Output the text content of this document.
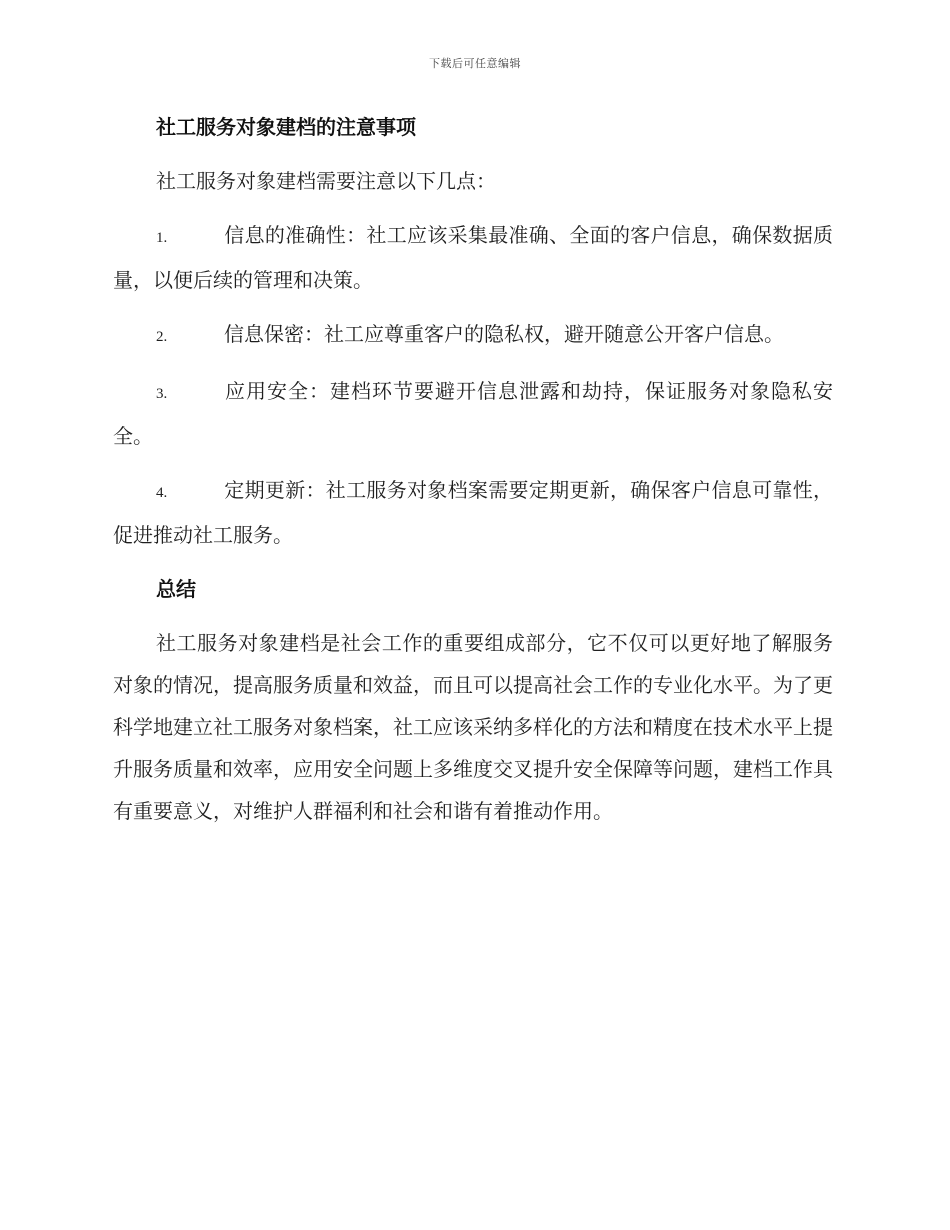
下载后可任意编辑
社工服务对象建档的注意事项

社工服务对象建档需要注意以下几点：

1.	信息的准确性：社工应该采集最准确、全面的客户信息，确保数据质量，以便后续的管理和决策。

2.	信息保密：社工应尊重客户的隐私权，避开随意公开客户信息。

3.	应用安全：建档环节要避开信息泄露和劫持，保证服务对象隐私安全。

4.	定期更新：社工服务对象档案需要定期更新，确保客户信息可靠性，促进推动社工服务。

总结

社工服务对象建档是社会工作的重要组成部分，它不仅可以更好地了解服务对象的情况，提高服务质量和效益，而且可以提高社会工作的专业化水平。为了更科学地建立社工服务对象档案，社工应该采纳多样化的方法和精度在技术水平上提升服务质量和效率，应用安全问题上多维度交叉提升安全保障等问题，建档工作具有重要意义，对维护人群福利和社会和谐有着推动作用。
